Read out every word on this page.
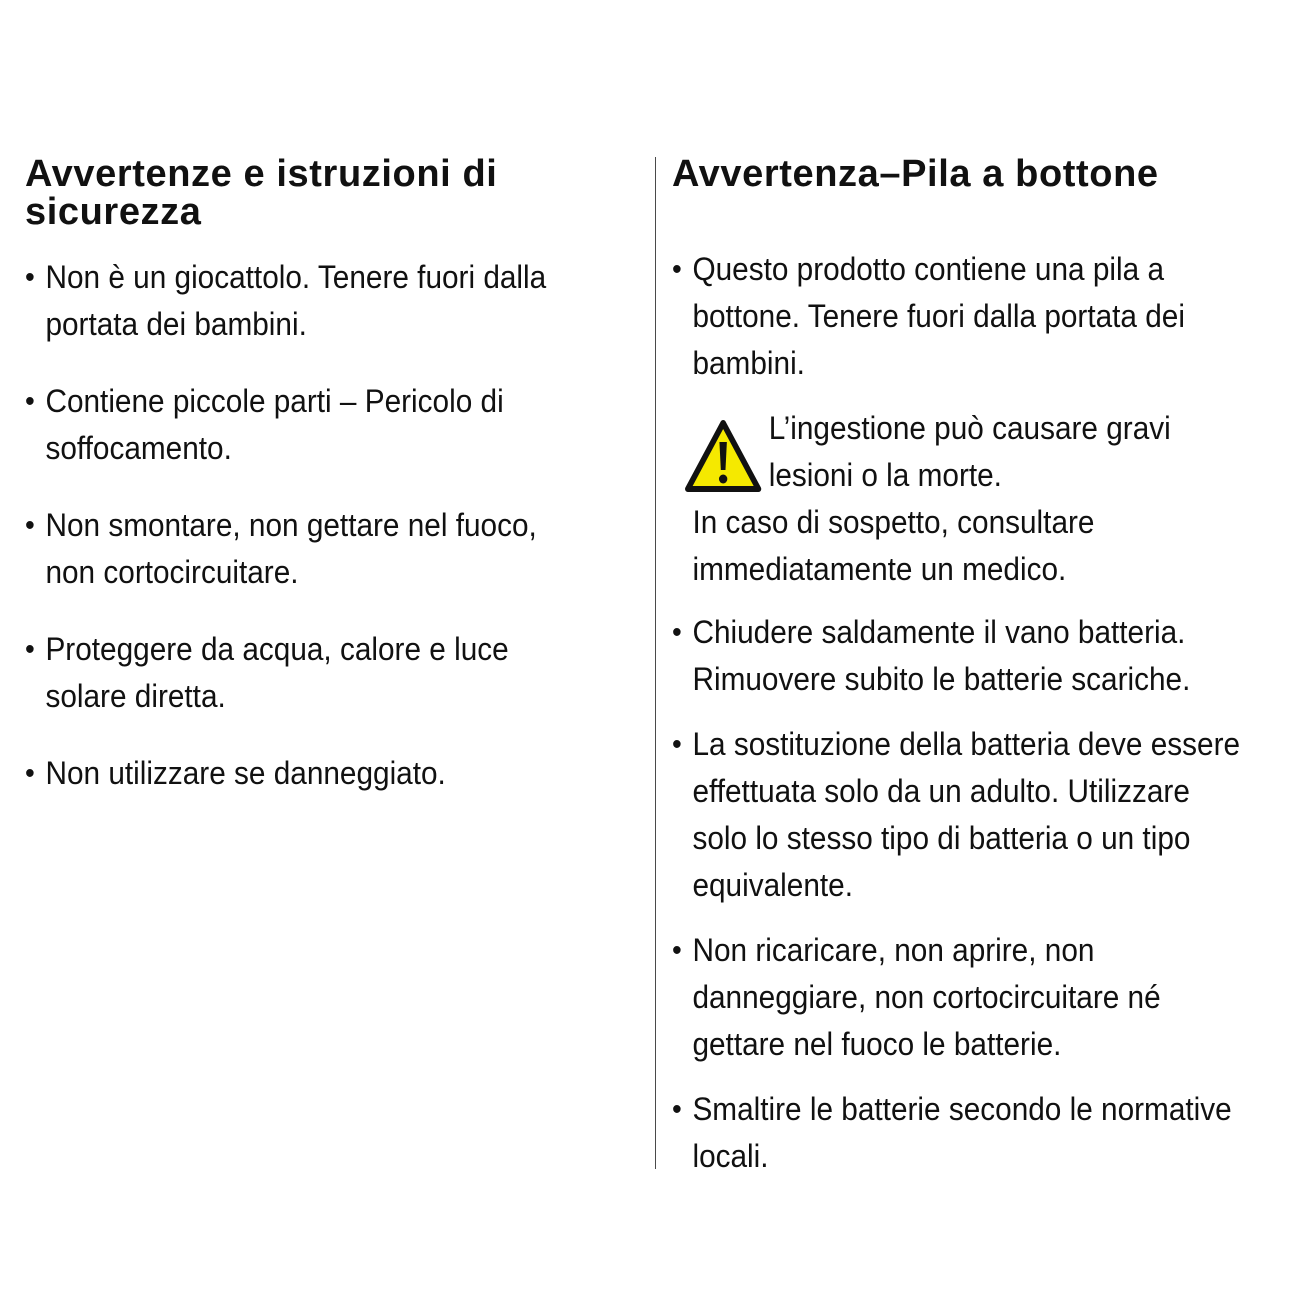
Avvertenze e istruzioni di sicurezza
• Non è un giocattolo. Tenere fuori dalla portata dei bambini.
• Contiene piccole parti – Pericolo di soffocamento.
• Non smontare, non gettare nel fuoco, non cortocircuitare.
• Proteggere da acqua, calore e luce solare diretta.
• Non utilizzare se danneggiato.
Avvertenza–Pila a bottone
• Questo prodotto contiene una pila a bottone. Tenere fuori dalla portata dei bambini.
L’ingestione può causare gravi
lesioni o la morte.
In caso di sospetto, consultare immediatamente un medico.
• Chiudere saldamente il vano batteria. Rimuovere subito le batterie scariche.
• La sostituzione della batteria deve essere effettuata solo da un adulto. Utilizzare solo lo stesso tipo di batteria o un tipo equivalente.
• Non ricaricare, non aprire, non danneggiare, non cortocircuitare né gettare nel fuoco le batterie.
• Smaltire le batterie secondo le normative locali.
